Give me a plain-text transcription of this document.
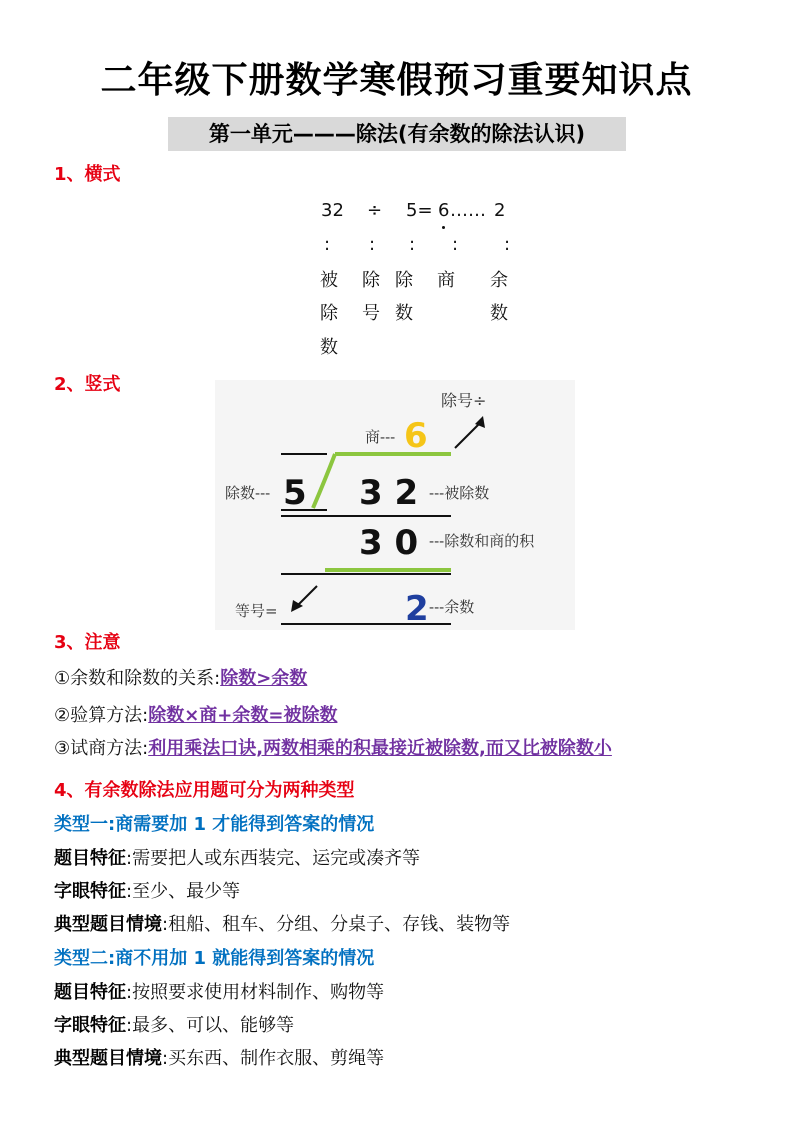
二年级下册数学寒假预习重要知识点
第一单元———除法(有余数的除法认识)
1、横式
32 ÷ 5= 6 …… 2
: : : :	:
被
除
数
除
号
除
数
商 余
数
2、竖式
除号÷
商--- 6
除数--- 5 3 2 ---被除数
3 0 ---除数和商的积
等号=	2 ---余数
3、注意
①余数和除数的关系:除数>余数
②验算方法:除数×商+余数=被除数
③试商方法:利用乘法口诀,两数相乘的积最接近被除数,而又比被除数小
4、有余数除法应用题可分为两种类型
类型一:商需要加 1 才能得到答案的情况
题目特征:需要把人或东西装完、运完或凑齐等
字眼特征:至少、最少等
典型题目情境:租船、租车、分组、分桌子、存钱、装物等
类型二:商不用加 1 就能得到答案的情况
题目特征:按照要求使用材料制作、购物等
字眼特征:最多、可以、能够等
典型题目情境:买东西、制作衣服、剪绳等
